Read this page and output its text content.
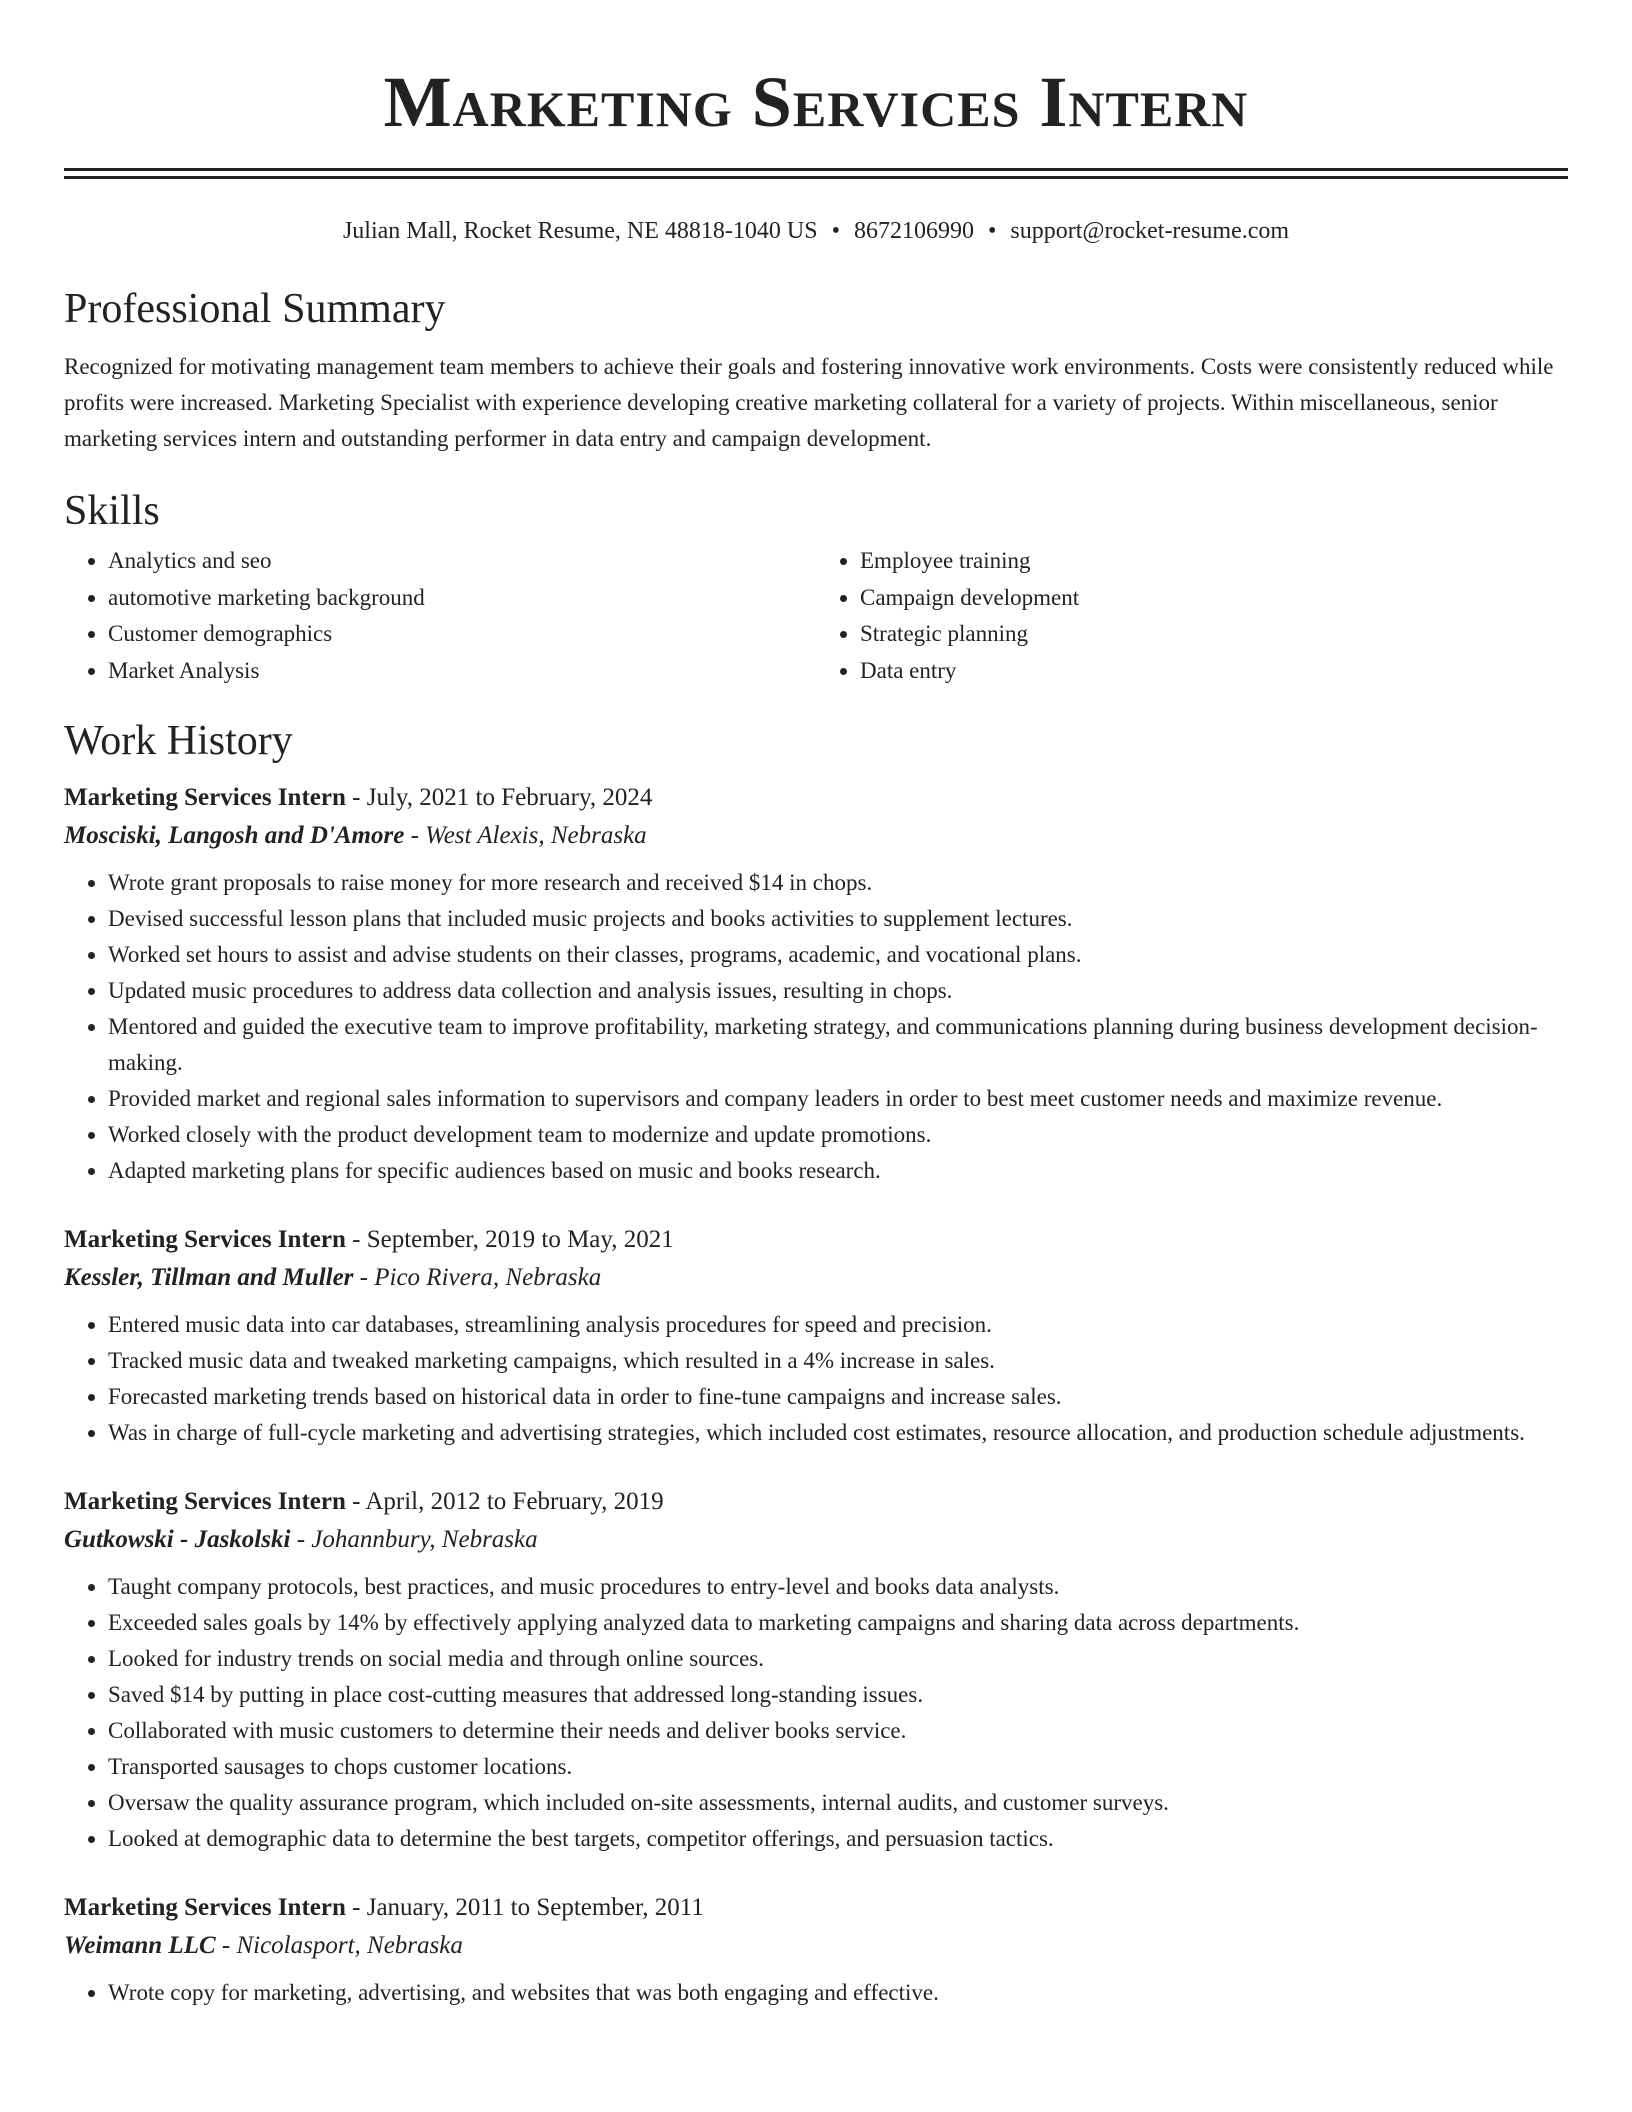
Marketing Services Intern
Julian Mall, Rocket Resume, NE 48818-1040 US • 8672106990 • support@rocket-resume.com
Professional Summary

Recognized for motivating management team members to achieve their goals and fostering innovative work environments. Costs were consistently reduced while profits were increased. Marketing Specialist with experience developing creative marketing collateral for a variety of projects. Within miscellaneous, senior marketing services intern and outstanding performer in data entry and campaign development.

Skills
• Analytics and seo
• automotive marketing background
• Customer demographics
• Market Analysis
• Employee training
• Campaign development
• Strategic planning
• Data entry
Work History

Marketing Services Intern - July, 2021 to February, 2024

Mosciski, Langosh and D'Amore - West Alexis, Nebraska

• Wrote grant proposals to raise money for more research and received $14 in chops.
• Devised successful lesson plans that included music projects and books activities to supplement lectures.
• Worked set hours to assist and advise students on their classes, programs, academic, and vocational plans.
• Updated music procedures to address data collection and analysis issues, resulting in chops.
• Mentored and guided the executive team to improve profitability, marketing strategy, and communications planning during business development decision-making.
• Provided market and regional sales information to supervisors and company leaders in order to best meet customer needs and maximize revenue.
• Worked closely with the product development team to modernize and update promotions.
• Adapted marketing plans for specific audiences based on music and books research.

Marketing Services Intern - September, 2019 to May, 2021

Kessler, Tillman and Muller - Pico Rivera, Nebraska

• Entered music data into car databases, streamlining analysis procedures for speed and precision.
• Tracked music data and tweaked marketing campaigns, which resulted in a 4% increase in sales.
• Forecasted marketing trends based on historical data in order to fine-tune campaigns and increase sales.
• Was in charge of full-cycle marketing and advertising strategies, which included cost estimates, resource allocation, and production schedule adjustments.

Marketing Services Intern - April, 2012 to February, 2019

Gutkowski - Jaskolski - Johannbury, Nebraska

• Taught company protocols, best practices, and music procedures to entry-level and books data analysts.
• Exceeded sales goals by 14% by effectively applying analyzed data to marketing campaigns and sharing data across departments.
• Looked for industry trends on social media and through online sources.
• Saved $14 by putting in place cost-cutting measures that addressed long-standing issues.
• Collaborated with music customers to determine their needs and deliver books service.
• Transported sausages to chops customer locations.
• Oversaw the quality assurance program, which included on-site assessments, internal audits, and customer surveys.
• Looked at demographic data to determine the best targets, competitor offerings, and persuasion tactics.

Marketing Services Intern - January, 2011 to September, 2011

Weimann LLC - Nicolasport, Nebraska

• Wrote copy for marketing, advertising, and websites that was both engaging and effective.
